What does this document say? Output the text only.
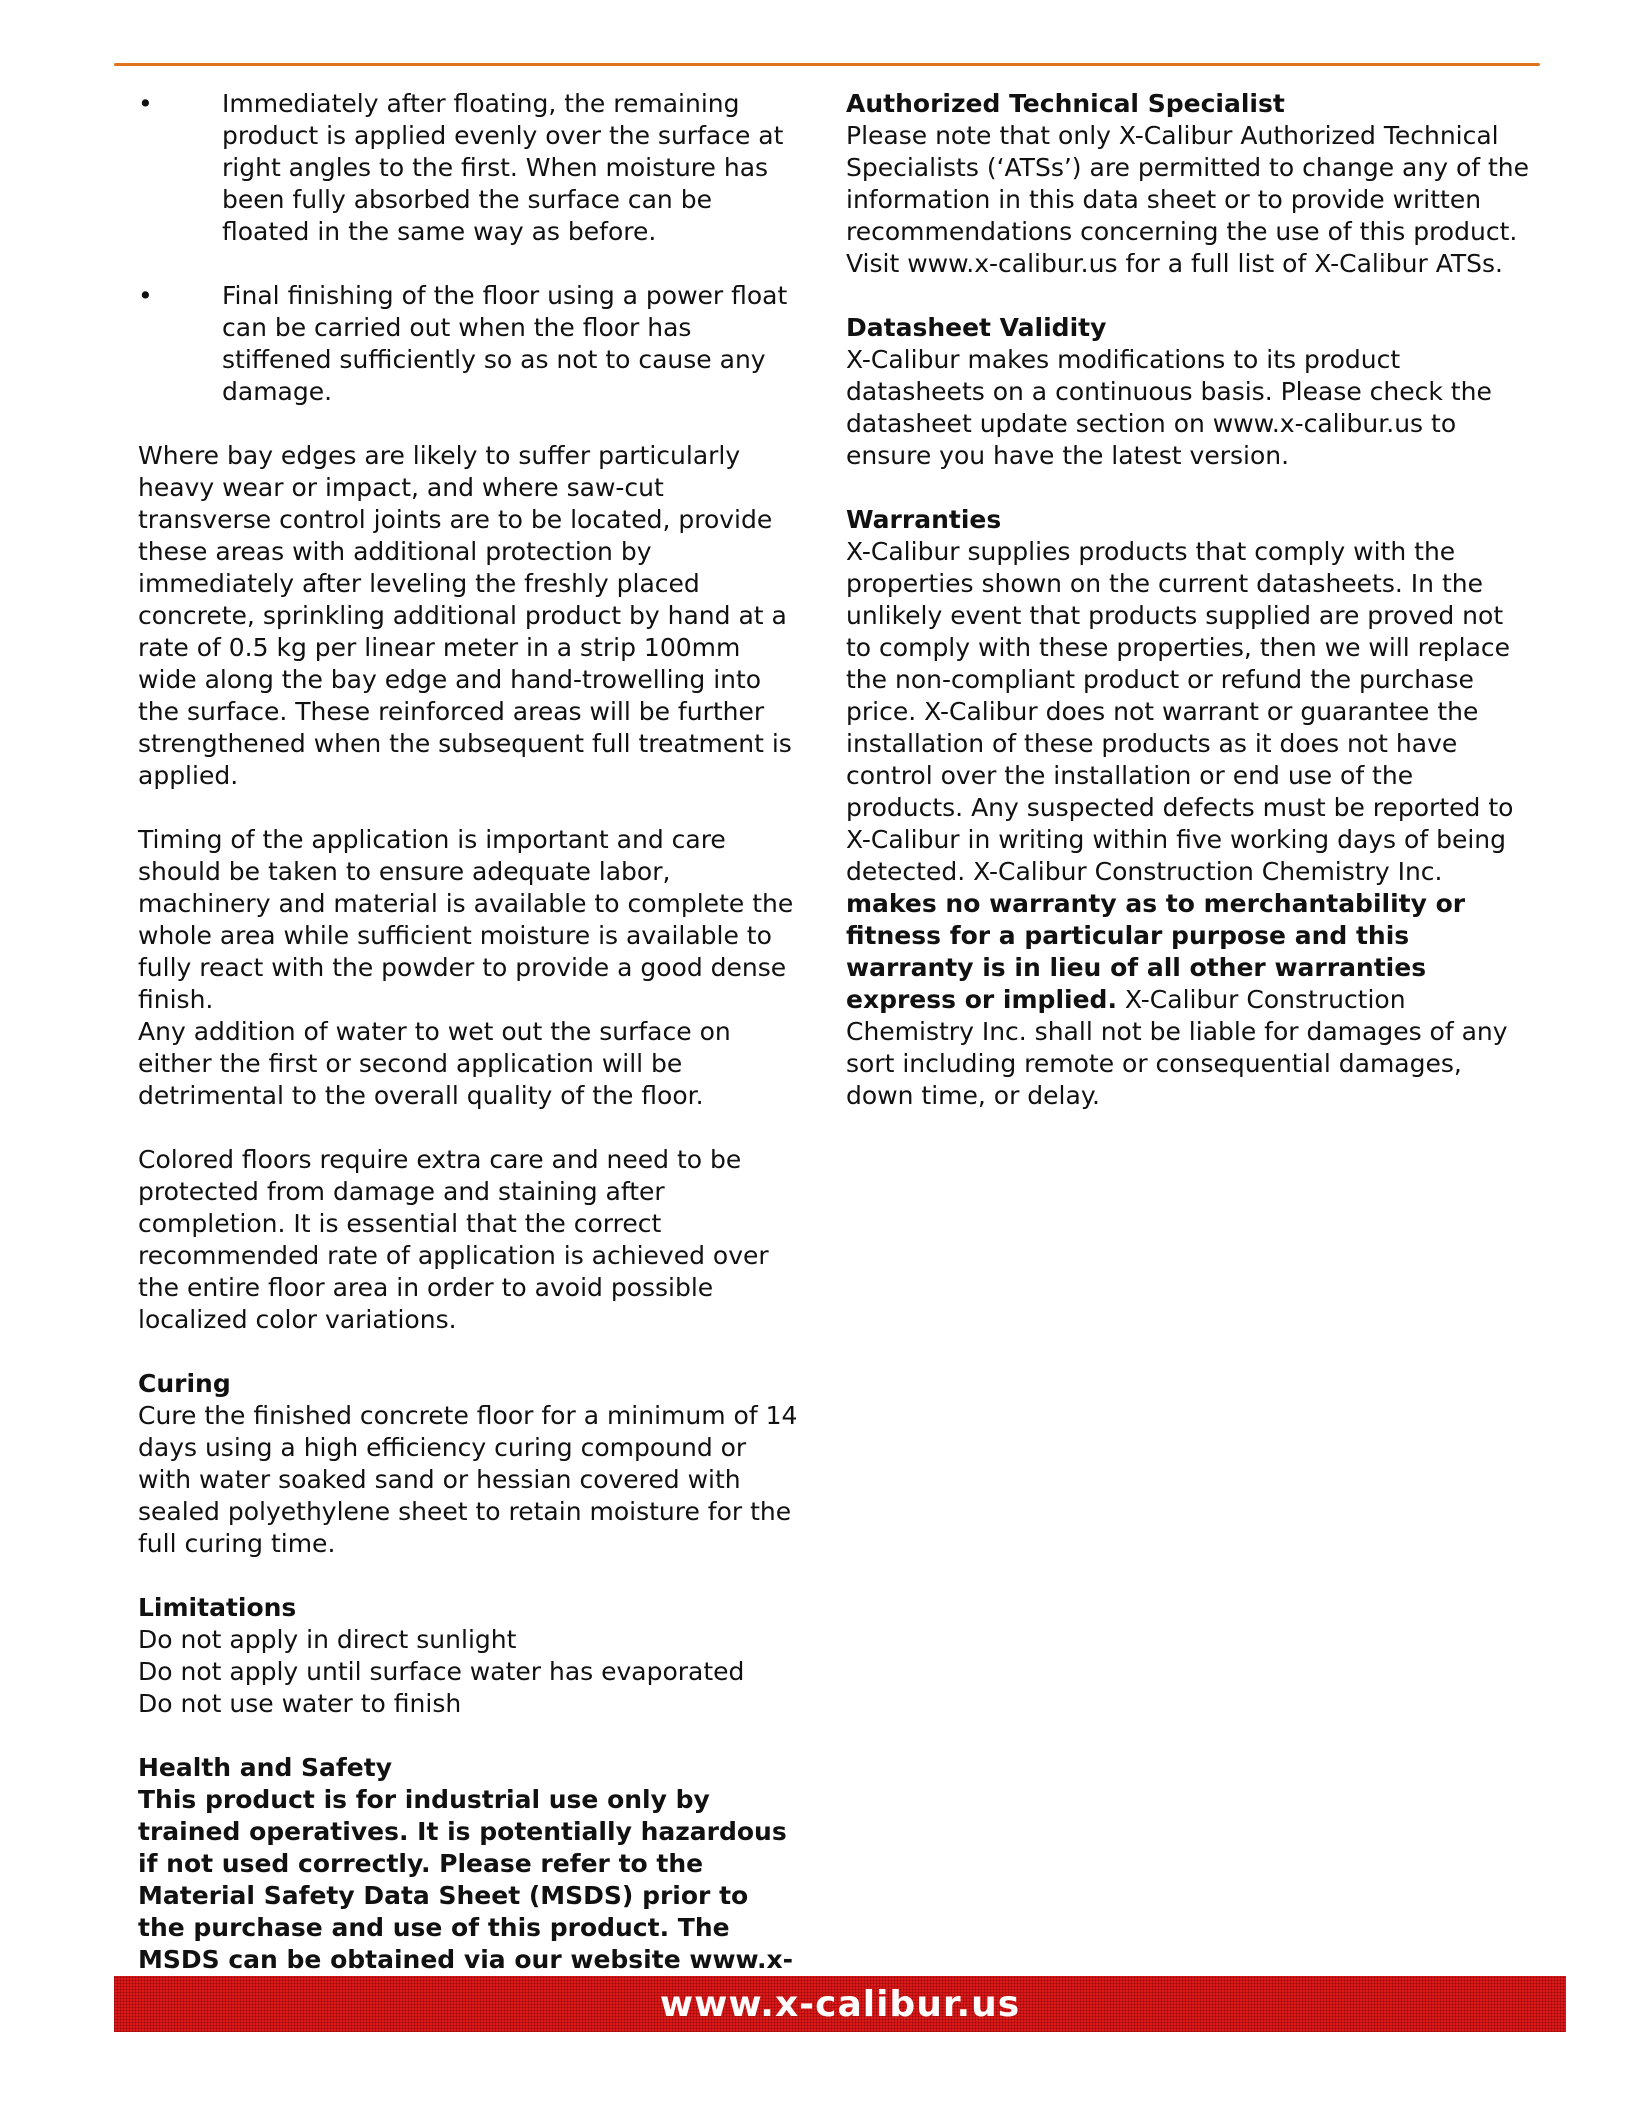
•	Immediately after floating, the remaining product is applied evenly over the surface at right angles to the first. When moisture has been fully absorbed the surface can be floated in the same way as before.

•	Final finishing of the floor using a power float can be carried out when the floor has stiffened sufficiently so as not to cause any damage.

Where bay edges are likely to suffer particularly heavy wear or impact, and where saw-cut transverse control joints are to be located, provide these areas with additional protection by immediately after leveling the freshly placed concrete, sprinkling additional product by hand at a rate of 0.5 kg per linear meter in a strip 100mm wide along the bay edge and hand-trowelling into the surface. These reinforced areas will be further strengthened when the subsequent full treatment is applied.

Timing of the application is important and care should be taken to ensure adequate labor, machinery and material is available to complete the whole area while sufficient moisture is available to fully react with the powder to provide a good dense finish.

Any addition of water to wet out the surface on either the first or second application will be detrimental to the overall quality of the floor.

Colored floors require extra care and need to be protected from damage and staining after completion. It is essential that the correct recommended rate of application is achieved over the entire floor area in order to avoid possible localized color variations.

Curing

Cure the finished concrete floor for a minimum of 14 days using a high efficiency curing compound or with water soaked sand or hessian covered with sealed polyethylene sheet to retain moisture for the full curing time.

Limitations

Do not apply in direct sunlight

Do not apply until surface water has evaporated

Do not use water to finish

Health and Safety

This product is for industrial use only by trained operatives. It is potentially hazardous if not used correctly. Please refer to the Material Safety Data Sheet (MSDS) prior to the purchase and use of this product. The MSDS can be obtained via our website www.x-

Authorized Technical Specialist

Please note that only X-Calibur Authorized Technical Specialists (‘ATSs’) are permitted to change any of the information in this data sheet or to provide written recommendations concerning the use of this product. Visit www.x-calibur.us for a full list of X-Calibur ATSs.

Datasheet Validity

X-Calibur makes modifications to its product datasheets on a continuous basis. Please check the datasheet update section on www.x-calibur.us to ensure you have the latest version.

Warranties

X-Calibur supplies products that comply with the properties shown on the current datasheets. In the unlikely event that products supplied are proved not to comply with these properties, then we will replace the non-compliant product or refund the purchase price. X-Calibur does not warrant or guarantee the installation of these products as it does not have control over the installation or end use of the products. Any suspected defects must be reported to X-Calibur in writing within five working days of being detected. X-Calibur Construction Chemistry Inc. makes no warranty as to merchantability or fitness for a particular purpose and this warranty is in lieu of all other warranties express or implied. X-Calibur Construction Chemistry Inc. shall not be liable for damages of any sort including remote or consequential damages, down time, or delay.

www.x-calibur.us
